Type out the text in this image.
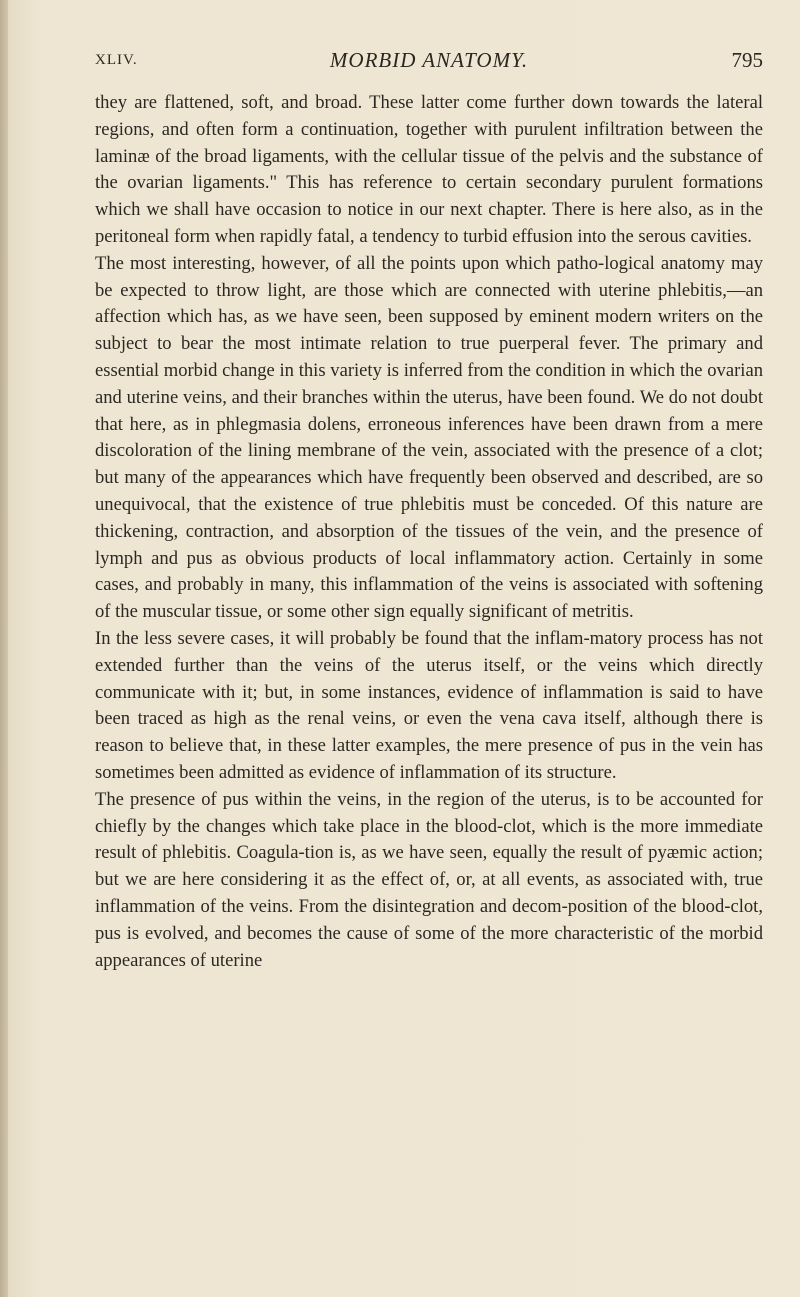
XLIV.	MORBID ANATOMY.	795

they are flattened, soft, and broad. These latter come further down towards the lateral regions, and often form a continuation, together with purulent infiltration between the laminæ of the broad ligaments, with the cellular tissue of the pelvis and the substance of the ovarian ligaments." This has reference to certain secondary purulent formations which we shall have occasion to notice in our next chapter. There is here also, as in the peritoneal form when rapidly fatal, a tendency to turbid effusion into the serous cavities.

The most interesting, however, of all the points upon which patho-logical anatomy may be expected to throw light, are those which are connected with uterine phlebitis,—an affection which has, as we have seen, been supposed by eminent modern writers on the subject to bear the most intimate relation to true puerperal fever. The primary and essential morbid change in this variety is inferred from the condition in which the ovarian and uterine veins, and their branches within the uterus, have been found. We do not doubt that here, as in phlegmasia dolens, erroneous inferences have been drawn from a mere discoloration of the lining membrane of the vein, associated with the presence of a clot; but many of the appearances which have frequently been observed and described, are so unequivocal, that the existence of true phlebitis must be conceded. Of this nature are thickening, contraction, and absorption of the tissues of the vein, and the presence of lymph and pus as obvious products of local inflammatory action. Certainly in some cases, and probably in many, this inflammation of the veins is associated with softening of the muscular tissue, or some other sign equally significant of metritis.

In the less severe cases, it will probably be found that the inflam-matory process has not extended further than the veins of the uterus itself, or the veins which directly communicate with it; but, in some instances, evidence of inflammation is said to have been traced as high as the renal veins, or even the vena cava itself, although there is reason to believe that, in these latter examples, the mere presence of pus in the vein has sometimes been admitted as evidence of inflammation of its structure.

The presence of pus within the veins, in the region of the uterus, is to be accounted for chiefly by the changes which take place in the blood-clot, which is the more immediate result of phlebitis. Coagula-tion is, as we have seen, equally the result of pyæmic action; but we are here considering it as the effect of, or, at all events, as associated with, true inflammation of the veins. From the disintegration and decom-position of the blood-clot, pus is evolved, and becomes the cause of some of the more characteristic of the morbid appearances of uterine
